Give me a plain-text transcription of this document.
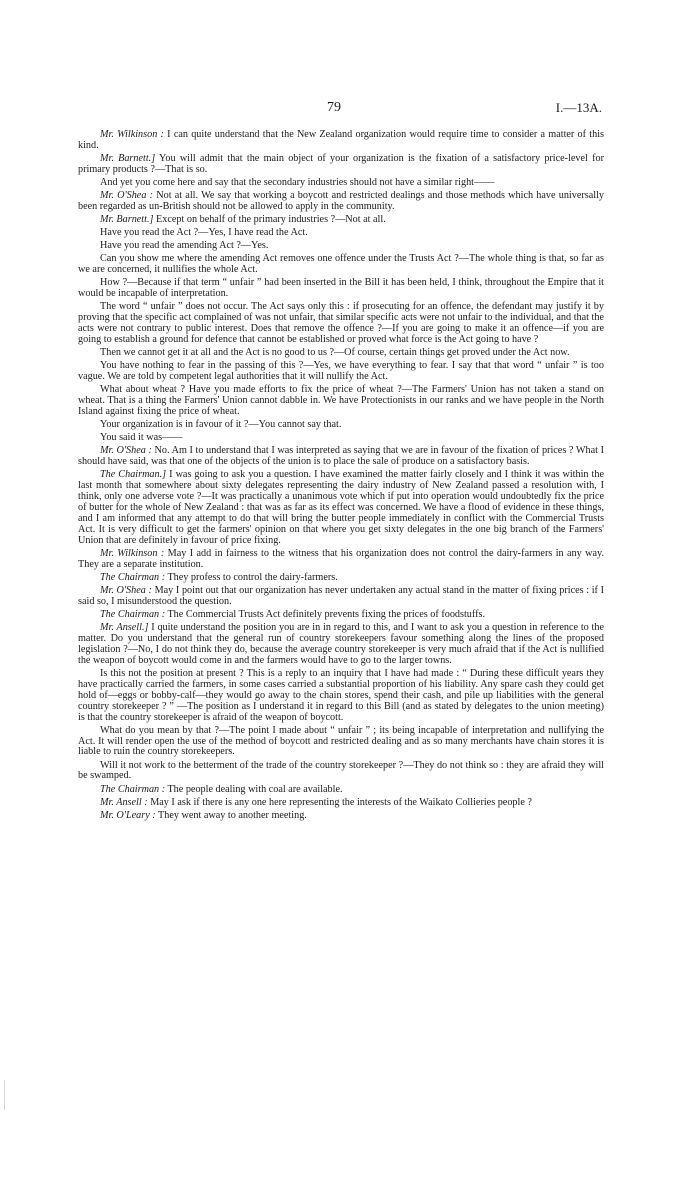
79	I.—13A.

Mr. Wilkinson : I can quite understand that the New Zealand organization would require time to consider a matter of this kind.

Mr. Barnett.] You will admit that the main object of your organization is the fixation of a satisfactory price-level for primary products ?—That is so.

And yet you come here and say that the secondary industries should not have a similar right——

Mr. O'Shea : Not at all. We say that working a boycott and restricted dealings and those methods which have universally been regarded as un-British should not be allowed to apply in the community.

Mr. Barnett.] Except on behalf of the primary industries ?—Not at all.

Have you read the Act ?—Yes, I have read the Act.

Have you read the amending Act ?—Yes.

Can you show me where the amending Act removes one offence under the Trusts Act ?—The whole thing is that, so far as we are concerned, it nullifies the whole Act.

How ?—Because if that term “ unfair ” had been inserted in the Bill it has been held, I think, throughout the Empire that it would be incapable of interpretation.

The word “ unfair ” does not occur. The Act says only this : if prosecuting for an offence, the defendant may justify it by proving that the specific act complained of was not unfair, that similar specific acts were not unfair to the individual, and that the acts were not contrary to public interest. Does that remove the offence ?—If you are going to make it an offence—if you are going to establish a ground for defence that cannot be established or proved what force is the Act going to have ?

Then we cannot get it at all and the Act is no good to us ?—Of course, certain things get proved under the Act now.

You have nothing to fear in the passing of this ?—Yes, we have everything to fear. I say that that word “ unfair ” is too vague. We are told by competent legal authorities that it will nullify the Act.

What about wheat ? Have you made efforts to fix the price of wheat ?—The Farmers' Union has not taken a stand on wheat. That is a thing the Farmers' Union cannot dabble in. We have Protectionists in our ranks and we have people in the North Island against fixing the price of wheat.

Your organization is in favour of it ?—You cannot say that.

You said it was——

Mr. O'Shea : No. Am I to understand that I was interpreted as saying that we are in favour of the fixation of prices ? What I should have said, was that one of the objects of the union is to place the sale of produce on a satisfactory basis.

The Chairman.] I was going to ask you a question. I have examined the matter fairly closely and I think it was within the last month that somewhere about sixty delegates representing the dairy industry of New Zealand passed a resolution with, I think, only one adverse vote ?—It was practically a unanimous vote which if put into operation would undoubtedly fix the price of butter for the whole of New Zealand : that was as far as its effect was concerned. We have a flood of evidence in these things, and I am informed that any attempt to do that will bring the butter people immediately in conflict with the Commercial Trusts Act. It is very difficult to get the farmers' opinion on that where you get sixty delegates in the one big branch of the Farmers' Union that are definitely in favour of price fixing.

Mr. Wilkinson : May I add in fairness to the witness that his organization does not control the dairy-farmers in any way. They are a separate institution.

The Chairman : They profess to control the dairy-farmers.

Mr. O'Shea : May I point out that our organization has never undertaken any actual stand in the matter of fixing prices : if I said so, I misunderstood the question.

The Chairman : The Commercial Trusts Act definitely prevents fixing the prices of foodstuffs.

Mr. Ansell.] I quite understand the position you are in in regard to this, and I want to ask you a question in reference to the matter. Do you understand that the general run of country storekeepers favour something along the lines of the proposed legislation ?—No, I do not think they do, because the average country storekeeper is very much afraid that if the Act is nullified the weapon of boycott would come in and the farmers would have to go to the larger towns.

Is this not the position at present ? This is a reply to an inquiry that I have had made : “ During these difficult years they have practically carried the farmers, in some cases carried a substantial proportion of his liability. Any spare cash they could get hold of—eggs or bobby-calf—they would go away to the chain stores, spend their cash, and pile up liabilities with the general country storekeeper ? ” —The position as I understand it in regard to this Bill (and as stated by delegates to the union meeting) is that the country storekeeper is afraid of the weapon of boycott.

What do you mean by that ?—The point I made about “ unfair ” ; its being incapable of interpretation and nullifying the Act. It will render open the use of the method of boycott and restricted dealing and as so many merchants have chain stores it is liable to ruin the country storekeepers.

Will it not work to the betterment of the trade of the country storekeeper ?—They do not think so : they are afraid they will be swamped.

The Chairman : The people dealing with coal are available.

Mr. Ansell : May I ask if there is any one here representing the interests of the Waikato Collieries people ?

Mr. O'Leary : They went away to another meeting.
